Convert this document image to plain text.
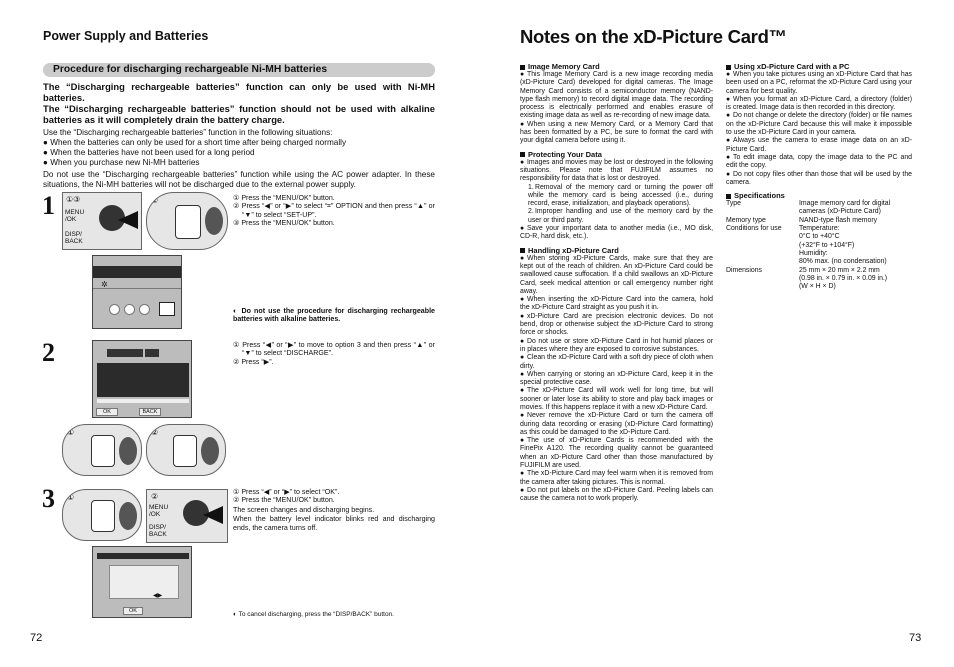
Power Supply and Batteries
Procedure for discharging rechargeable Ni-MH batteries
The “Discharging rechargeable batteries” function can only be used with Ni-MH batteries.
The “Discharging rechargeable batteries” function should not be used with alkaline batteries as it will completely drain the battery charge.
Use the “Discharging rechargeable batteries” function in the following situations:
● When the batteries can only be used for a short time after being charged normally
● When the batteries have not been used for a long period
● When you purchase new Ni-MH batteries
Do not use the “Discharging rechargeable batteries” function while using the AC power adapter. In these situations, the Ni-MH batteries will not be discharged due to the external power supply.
1 ①③
MENU
/OK
DISP/
BACK
②
✲
① Press the “MENU/OK” button.
② Press “◀” or “▶” to select “⌗” OPTION and then press “▲” or “▼” to select “SET-UP”.
③ Press the “MENU/OK” button.
◐ Do not use the procedure for discharging rechargeable batteries with alkaline batteries.
2
OK	BACK
① Press “◀” or “▶” to move to option 3 and then press “▲” or “▼” to select “DISCHARGE”.
② Press “▶”.
①	②
3 ①	②
MENU
/OK
DISP/
BACK
◀▶
OK
① Press “◀” or “▶” to select “OK”.
② Press the “MENU/OK” button.
The screen changes and discharging begins.
When the battery level indicator blinks red and discharging ends, the camera turns off.
◐ To cancel discharging, press the “DISP/BACK” button.
72
Notes on the xD-Picture Card™
Image Memory Card
● This Image Memory Card is a new image recording media (xD-Picture Card) developed for digital cameras. The Image Memory Card consists of a semiconductor memory (NAND-type flash memory) to record digital image data. The recording process is electrically performed and enables erasure of existing image data as well as re-recording of new image data.
● When using a new Memory Card, or a Memory Card that has been formatted by a PC, be sure to format the card with your digital camera before using it.
Protecting Your Data
● Images and movies may be lost or destroyed in the following situations. Please note that FUJIFILM assumes no responsibility for data that is lost or destroyed.
1.Removal of the memory card or turning the power off while the memory card is being accessed (i.e., during record, erase, initialization, and playback operations).
2.Improper handling and use of the memory card by the user or third party.
● Save your important data to another media (i.e., MO disk, CD-R, hard disk, etc.).
Handling xD-Picture Card
● When storing xD-Picture Cards, make sure that they are kept out of the reach of children. An xD-Picture Card could be swallowed cause suffocation. If a child swallows an xD-Picture Card, seek medical attention or call emergency number right away.
● When inserting the xD-Picture Card into the camera, hold the xD-Picture Card straight as you push it in.
● xD-Picture Card are precision electronic devices. Do not bend, drop or otherwise subject the xD-Picture Card to strong force or shocks.
● Do not use or store xD-Picture Card in hot humid places or in places where they are exposed to corrosive substances.
● Clean the xD-Picture Card with a soft dry piece of cloth when dirty.
● When carrying or storing an xD-Picture Card, keep it in the special protective case.
● The xD-Picture Card will work well for long time, but will sooner or later lose its ability to store and play back images or movies. If this happens replace it with a new xD-Picture Card.
● Never remove the xD-Picture Card or turn the camera off during data recording or erasing (xD-Picture Card formatting) as this could be damaged to the xD-Picture Card.
● The use of xD-Picture Cards is recommended with the FinePix A120. The recording quality cannot be guaranteed when an xD-Picture Card other than those manufactured by FUJIFILM are used.
● The xD-Picture Card may feel warm when it is removed from the camera after taking pictures. This is normal.
● Do not put labels on the xD-Picture Card. Peeling labels can cause the camera not to work properly.
Using xD-Picture Card with a PC
● When you take pictures using an xD-Picture Card that has been used on a PC, reformat the xD-Picture Card using your camera for best quality.
● When you format an xD-Picture Card, a directory (folder) is created. Image data is then recorded in this directory.
● Do not change or delete the directory (folder) or file names on the xD-Picture Card because this will make it impossible to use the xD-Picture Card in your camera.
● Always use the camera to erase image data on an xD-Picture Card.
● To edit image data, copy the image data to the PC and edit the copy.
● Do not copy files other than those that will be used by the camera.
Specifications
Type	Image memory card for digital cameras (xD-Picture Card)
Memory type	NAND-type flash memory
Conditions for use	Temperature:
0°C to +40°C
(+32°F to +104°F)
Humidity:
80% max. (no condensation)
Dimensions	25 mm × 20 mm × 2.2 mm
(0.98 in. × 0.79 in. × 0.09 in.)
(W × H × D)
73
